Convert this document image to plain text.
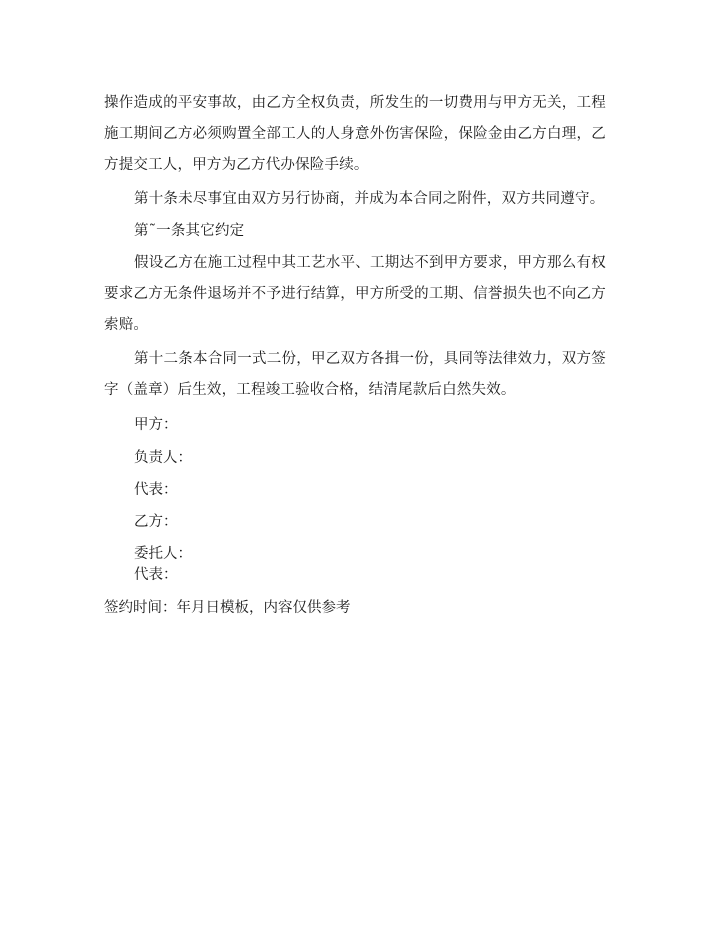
操作造成的平安事故，由乙方全权负责，所发生的一切费用与甲方无关，工程施工期间乙方必须购置全部工人的人身意外伤害保险，保险金由乙方白理，乙方提交工人，甲方为乙方代办保险手续。

第十条未尽事宜由双方另行协商，并成为本合同之附件，双方共同遵守。

第˜一条其它约定

假设乙方在施工过程中其工艺水平、工期达不到甲方要求，甲方那么有权要求乙方无条件退场并不予进行结算，甲方所受的工期、信誉损失也不向乙方索赔。

第十二条本合同一式二份，甲乙双方各揖一份，具同等法律效力，双方签字（盖章）后生效，工程竣工验收合格，结清尾款后白然失效。

甲方：

负责人：

代表：

乙方：

委托人：

代表：

签约时间：年月日模板，内容仅供参考
